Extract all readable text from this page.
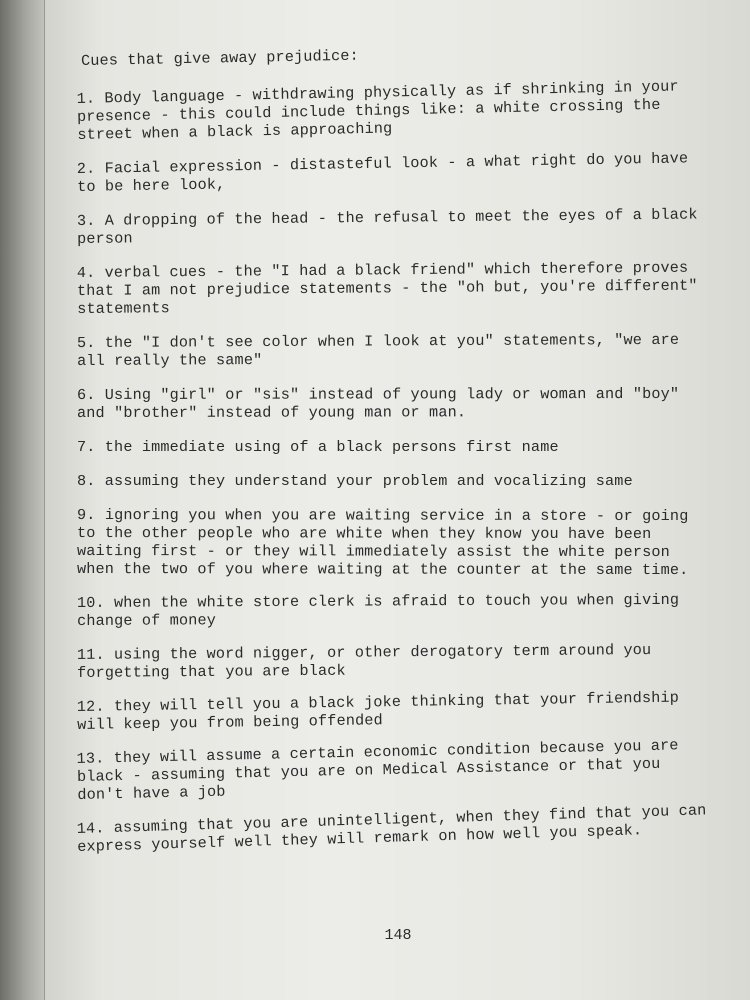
Cues that give away prejudice:
1. Body language - withdrawing physically as if shrinking in your presence - this could include things like: a white crossing the street when a black is approaching
2. Facial expression - distasteful look - a what right do you have to be here look,
3. A dropping of the head - the refusal to meet the eyes of a black person
4. verbal cues - the "I had a black friend" which therefore proves that I am not prejudice statements - the "oh but, you're different" statements
5. the "I don't see color when I look at you" statements, "we are all really the same"
6. Using "girl" or "sis" instead of young lady or woman and "boy" and "brother" instead of young man or man.
7. the immediate using of a black persons first name
8. assuming they understand your problem and vocalizing same
9. ignoring you when you are waiting service in a store - or going to the other people who are white when they know you have been waiting first - or they will immediately assist the white person when the two of you where waiting at the counter at the same time.
10. when the white store clerk is afraid to touch you when giving change of money
11. using the word nigger, or other derogatory term around you forgetting that you are black
12. they will tell you a black joke thinking that your friendship will keep you from being offended
13. they will assume a certain economic condition because you are black - assuming that you are on Medical Assistance or that you don't have a job
14. assuming that you are unintelligent, when they find that you can express yourself well they will remark on how well you speak.
148
